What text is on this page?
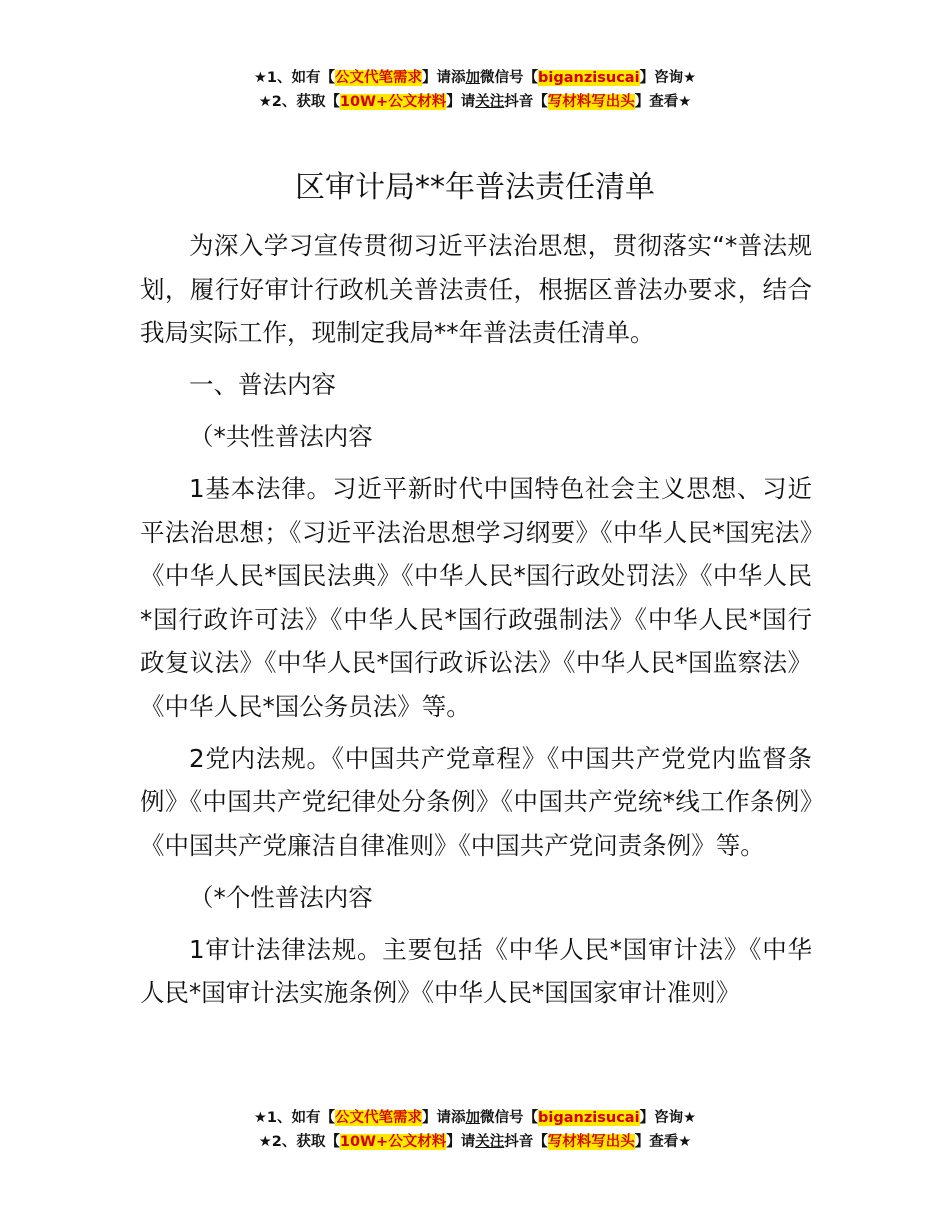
★1、如有【公文代笔需求】请添加微信号【biganzisucai】咨询★
★2、获取【10W+公文材料】请关注抖音【写材料写出头】查看★
区审计局**年普法责任清单

为深入学习宣传贯彻习近平法治思想，贯彻落实“*普法规划，履行好审计行政机关普法责任，根据区普法办要求，结合我局实际工作，现制定我局**年普法责任清单。

一、普法内容

（*共性普法内容

1基本法律。习近平新时代中国特色社会主义思想、习近平法治思想；《习近平法治思想学习纲要》《中华人民*国宪法》《中华人民*国民法典》《中华人民*国行政处罚法》《中华人民*国行政许可法》《中华人民*国行政强制法》《中华人民*国行政复议法》《中华人民*国行政诉讼法》《中华人民*国监察法》《中华人民*国公务员法》等。

2党内法规。《中国共产党章程》《中国共产党党内监督条例》《中国共产党纪律处分条例》《中国共产党统*线工作条例》《中国共产党廉洁自律准则》《中国共产党问责条例》等。

（*个性普法内容

1审计法律法规。主要包括《中华人民*国审计法》《中华人民*国审计法实施条例》《中华人民*国国家审计准则》

★1、如有【公文代笔需求】请添加微信号【biganzisucai】咨询★
★2、获取【10W+公文材料】请关注抖音【写材料写出头】查看★
